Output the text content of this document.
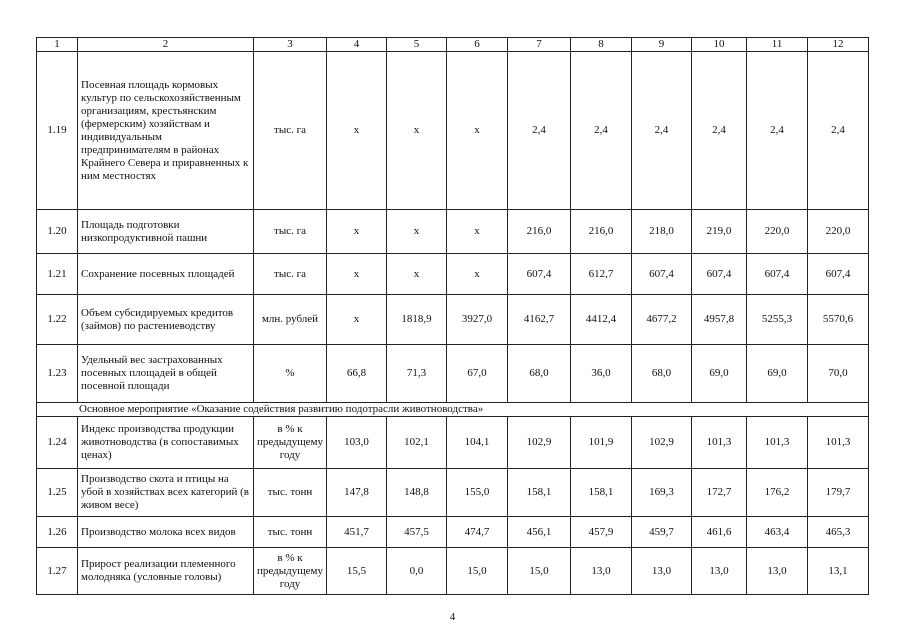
1	2	3	4	5	6	7	8	9	10	11	12
1.19	Посевная площадь кормовых культур по сельскохозяйственным организациям, крестьянским (фермерским) хозяйствам и индивидуальным предпринимателям в районах Крайнего Севера и приравненных к ним местностях	тыс. га	х	х	х	2,4	2,4	2,4	2,4	2,4	2,4
1.20	Площадь подготовки низкопродуктивной пашни	тыс. га	х	х	х	216,0	216,0	218,0	219,0	220,0	220,0
1.21	Сохранение посевных площадей	тыс. га	х	х	х	607,4	612,7	607,4	607,4	607,4	607,4
1.22	Объем субсидируемых кредитов (займов) по растениеводству	млн. рублей	х	1818,9	3927,0	4162,7	4412,4	4677,2	4957,8	5255,3	5570,6
1.23	Удельный вес застрахованных посевных площадей в общей посевной площади	%	66,8	71,3	67,0	68,0	36,0	68,0	69,0	69,0	70,0
Основное мероприятие «Оказание содействия развитию подотрасли животноводства»											
1.24	Индекс производства продукции животноводства (в сопоставимых ценах)	в % к предыдущему году	103,0	102,1	104,1	102,9	101,9	102,9	101,3	101,3	101,3
1.25	Производство скота и птицы на убой в хозяйствах всех категорий (в живом весе)	тыс. тонн	147,8	148,8	155,0	158,1	158,1	169,3	172,7	176,2	179,7
1.26	Производство молока всех видов	тыс. тонн	451,7	457,5	474,7	456,1	457,9	459,7	461,6	463,4	465,3
1.27	Прирост реализации племенного молодняка (условные головы)	в % к предыдущему году	15,5	0,0	15,0	15,0	13,0	13,0	13,0	13,0	13,1
4
